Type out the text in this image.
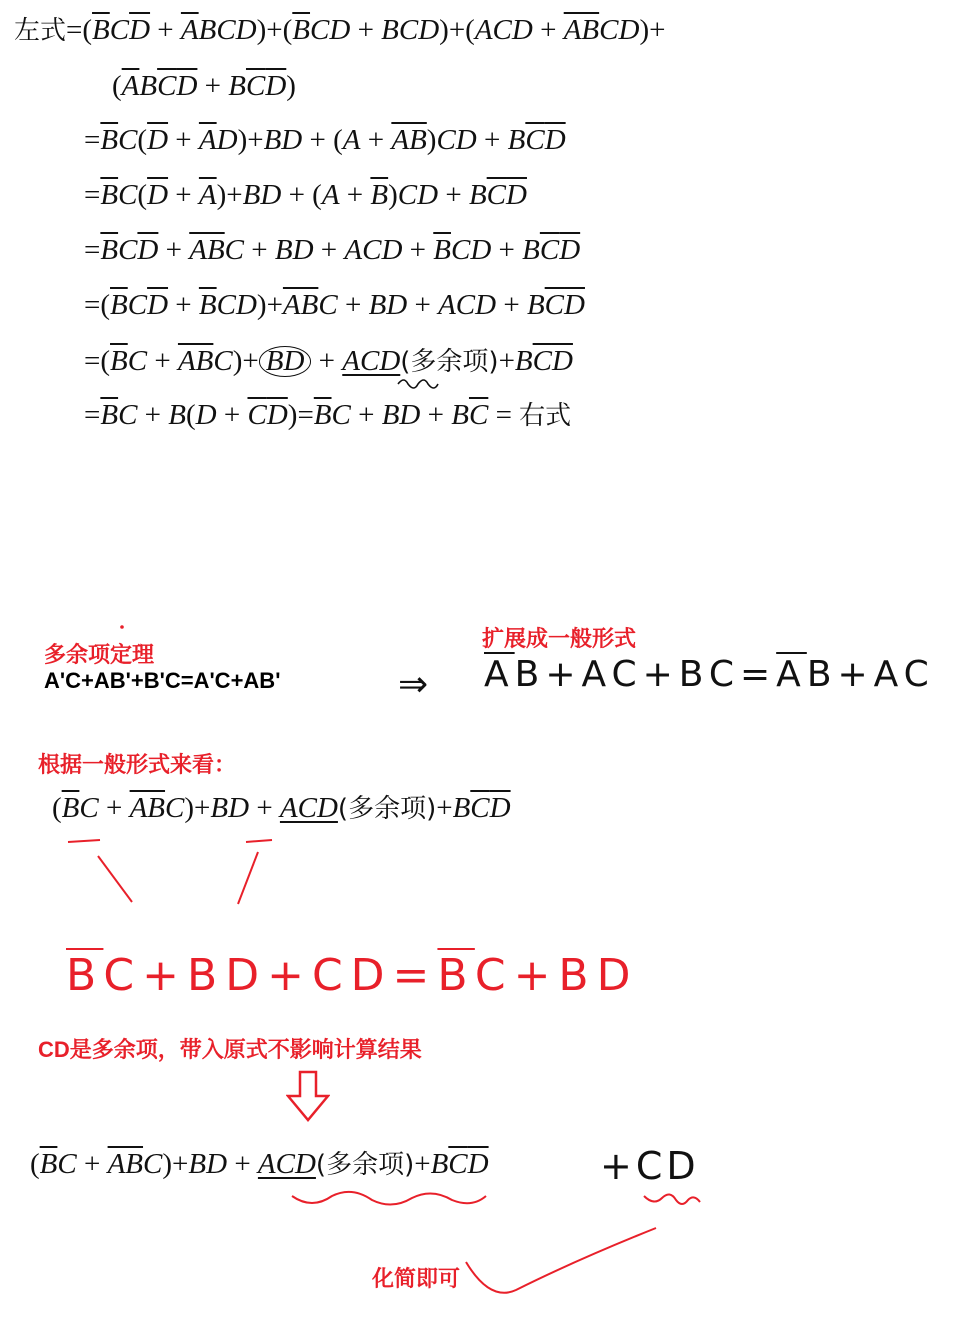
左式$=(\overline{B}C\overline{D} + \overline{A}BCD)+(\overline{B}CD + BCD)+(ACD + \overline{AB}CD)+$
$(\overline{A}B\overline{C}\overline{D} + B\overline{C}\overline{D})$
$=\overline{B}C(\overline{D} + \overline{A}D)+BD + (A + \overline{AB})CD + B\overline{C}\overline{D}$
$=\overline{B}C(\overline{D} + \overline{A})+BD + (A + \overline{B})CD + B\overline{C}\overline{D}$
$=\overline{B}C\overline{D} + \overline{AB}C$ + BD + ACD + $\overline{B}CD + B\overline{C}\overline{D}$
$=(\overline{B}C\overline{D} + \overline{B}CD)+\overline{AB}C$ + BD + ACD + $B\overline{C}\overline{D}$
$=(\overline{B}C + \overline{AB}C)+$ BD + ACD(多余项)$+B\overline{C}\overline{D}$
$=\overline{B}C + B(D + \overline{C}\overline{D})=\overline{B}C$ + BD + $B\overline{C}$ = 右式
多余项定理
A'C+AB'+B'C=A'C+AB'	⇒
扩展成一般形式
$\overline{A}B+AC+BC=\overline{A}B+AC$
根据一般形式来看：
$(\overline{B}C + \overline{AB}C)+BD + ACD$(多余项)$+B\overline{C}\overline{D}$
$\overline{B}C+BD+CD=\overline{B}C+BD$
CD是多余项，带入原式不影响计算结果
$(\overline{B}C + \overline{AB}C)+BD + ACD$(多余项)$+B\overline{C}\overline{D}$	+CD
化简即可
